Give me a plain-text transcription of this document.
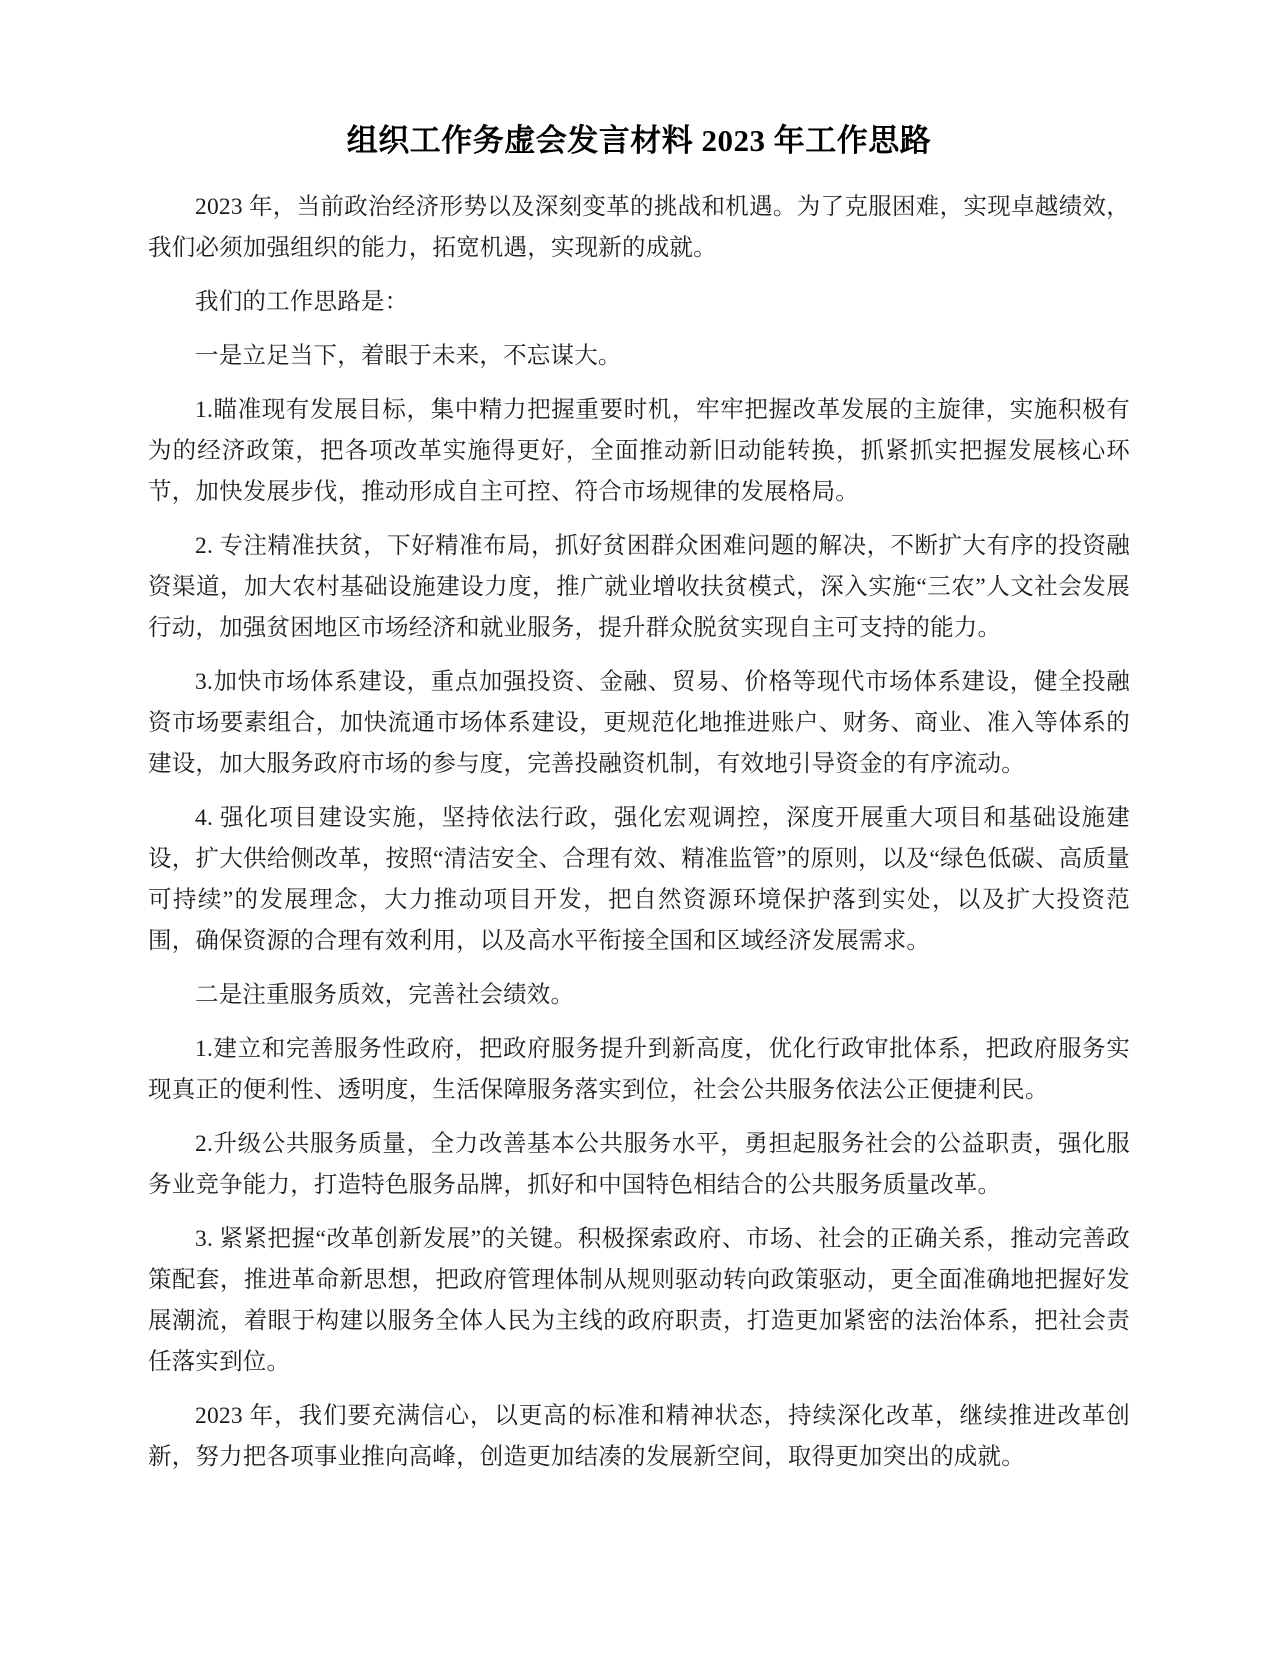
组织工作务虚会发言材料 2023 年工作思路

2023 年，当前政治经济形势以及深刻变革的挑战和机遇。为了克服困难，实现卓越绩效，我们必须加强组织的能力，拓宽机遇，实现新的成就。

我们的工作思路是：

一是立足当下，着眼于未来，不忘谋大。

1.瞄准现有发展目标，集中精力把握重要时机，牢牢把握改革发展的主旋律，实施积极有为的经济政策，把各项改革实施得更好，全面推动新旧动能转换，抓紧抓实把握发展核心环节，加快发展步伐，推动形成自主可控、符合市场规律的发展格局。

2. 专注精准扶贫，下好精准布局，抓好贫困群众困难问题的解决，不断扩大有序的投资融资渠道，加大农村基础设施建设力度，推广就业增收扶贫模式，深入实施“三农”人文社会发展行动，加强贫困地区市场经济和就业服务，提升群众脱贫实现自主可支持的能力。

3.加快市场体系建设，重点加强投资、金融、贸易、价格等现代市场体系建设，健全投融资市场要素组合，加快流通市场体系建设，更规范化地推进账户、财务、商业、准入等体系的建设，加大服务政府市场的参与度，完善投融资机制，有效地引导资金的有序流动。

4. 强化项目建设实施，坚持依法行政，强化宏观调控，深度开展重大项目和基础设施建设，扩大供给侧改革，按照“清洁安全、合理有效、精准监管”的原则，以及“绿色低碳、高质量可持续”的发展理念，大力推动项目开发，把自然资源环境保护落到实处，以及扩大投资范围，确保资源的合理有效利用，以及高水平衔接全国和区域经济发展需求。

二是注重服务质效，完善社会绩效。

1.建立和完善服务性政府，把政府服务提升到新高度，优化行政审批体系，把政府服务实现真正的便利性、透明度，生活保障服务落实到位，社会公共服务依法公正便捷利民。

2.升级公共服务质量，全力改善基本公共服务水平，勇担起服务社会的公益职责，强化服务业竞争能力，打造特色服务品牌，抓好和中国特色相结合的公共服务质量改革。

3. 紧紧把握“改革创新发展”的关键。积极探索政府、市场、社会的正确关系，推动完善政策配套，推进革命新思想，把政府管理体制从规则驱动转向政策驱动，更全面准确地把握好发展潮流，着眼于构建以服务全体人民为主线的政府职责，打造更加紧密的法治体系，把社会责任落实到位。

2023 年，我们要充满信心，以更高的标准和精神状态，持续深化改革，继续推进改革创新，努力把各项事业推向高峰，创造更加结凑的发展新空间，取得更加突出的成就。
